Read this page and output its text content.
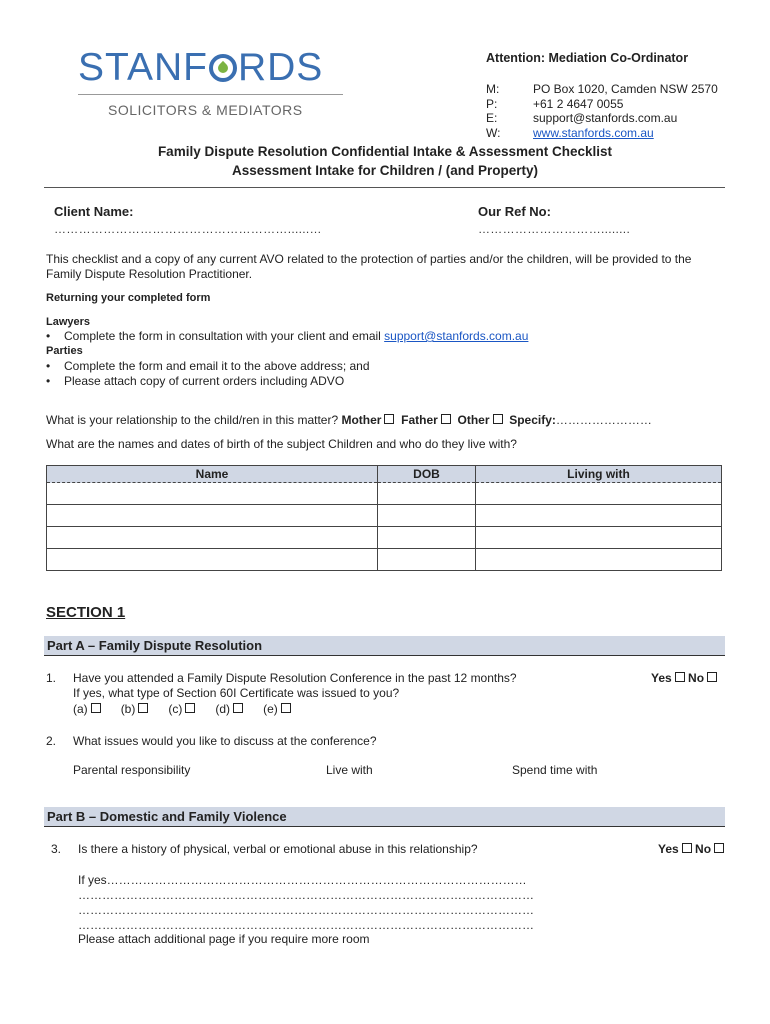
STANF RDS
SOLICITORS & MEDIATORS
Attention: Mediation Co-Ordinator
M:	PO Box 1020, Camden NSW 2570
P:	+61 2 4647 0055
E:	support@stanfords.com.au
W:	www.stanfords.com.au
Family Dispute Resolution Confidential Intake & Assessment Checklist
Assessment Intake for Children / (and Property)
Client Name:
…………………………………………………......…
Our Ref No:
…………………………........
This checklist and a copy of any current AVO related to the protection of parties and/or the children, will be provided to the Family Dispute Resolution Practitioner.
Returning your completed form
Lawyers
• Complete the form in consultation with your client and email support@stanfords.com.au
Parties
• Complete the form and email it to the above address; and
• Please attach copy of current orders including ADVO
What is your relationship to the child/ren in this matter? Mother Father Other Specify:……………………
What are the names and dates of birth of the subject Children and who do they live with?
Name	DOB	Living with

SECTION 1
Part A – Family Dispute Resolution
1. Have you attended a Family Dispute Resolution Conference in the past 12 months?	Yes No
If yes, what type of Section 60I Certificate was issued to you?
(a)	(b)	(c)	(d)	(e)
2. What issues would you like to discuss at the conference?
Parental responsibility	Live with	Spend time with
Part B – Domestic and Family Violence
3. Is there a history of physical, verbal or emotional abuse in this relationship?	Yes No
If yes……………………………………………………………………………………………
……………………………………………………………………………………………………
……………………………………………………………………………………………………
……………………………………………………………………………………………………
Please attach additional page if you require more room
